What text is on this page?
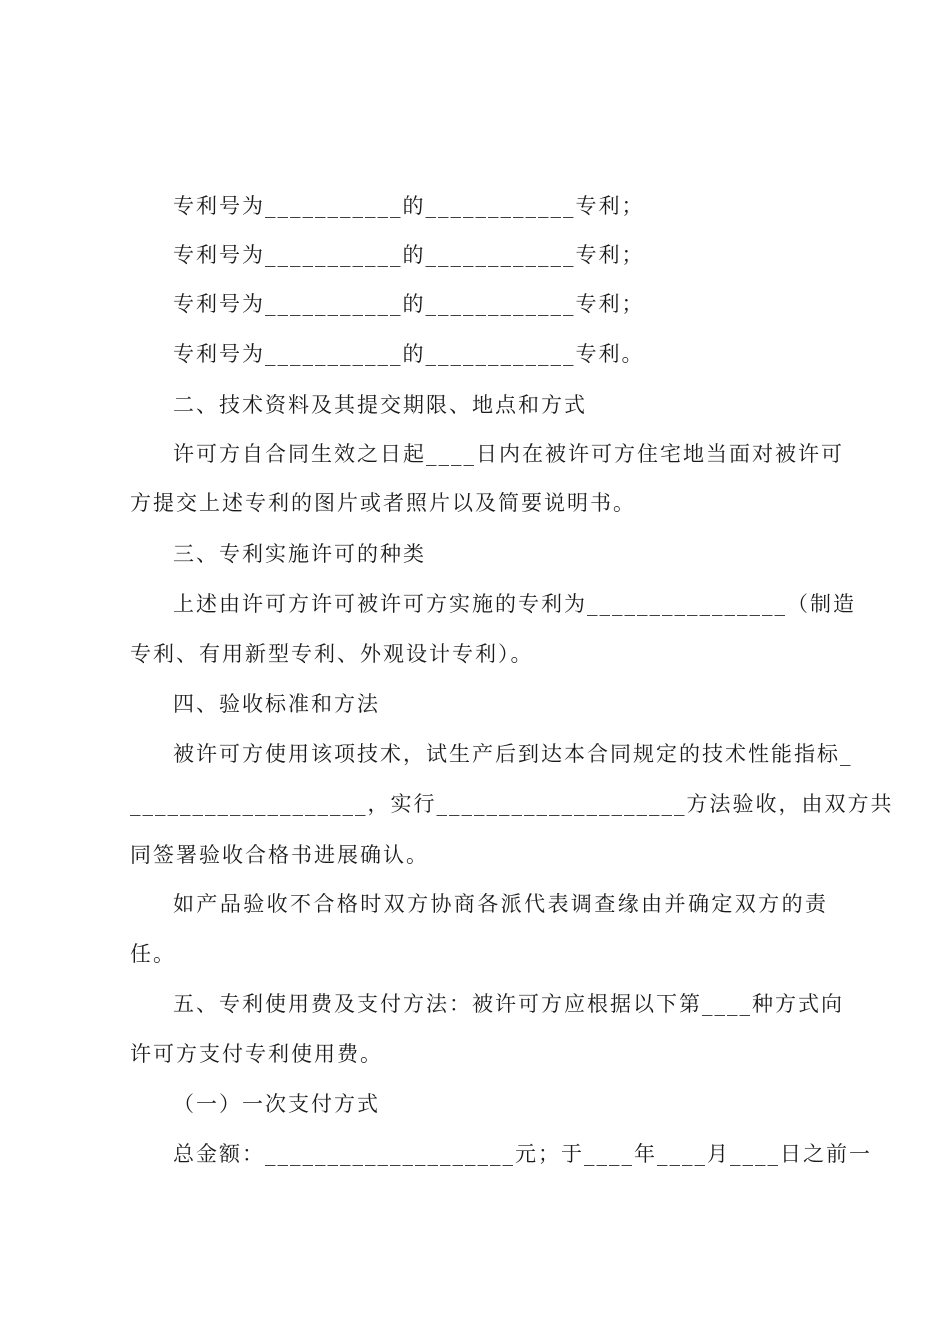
专利号为___________的____________专利；
专利号为___________的____________专利；
专利号为___________的____________专利；
专利号为___________的____________专利。
二、技术资料及其提交期限、地点和方式
许可方自合同生效之日起____日内在被许可方住宅地当面对被许可
方提交上述专利的图片或者照片以及简要说明书。
三、专利实施许可的种类
上述由许可方许可被许可方实施的专利为________________（制造
专利、有用新型专利、外观设计专利）。
四、验收标准和方法
被许可方使用该项技术，试生产后到达本合同规定的技术性能指标_
___________________，实行____________________方法验收，由双方共
同签署验收合格书进展确认。
如产品验收不合格时双方协商各派代表调查缘由并确定双方的责
任。
五、专利使用费及支付方法：被许可方应根据以下第____种方式向
许可方支付专利使用费。
（一）一次支付方式
总金额：____________________元；于____年____月____日之前一
